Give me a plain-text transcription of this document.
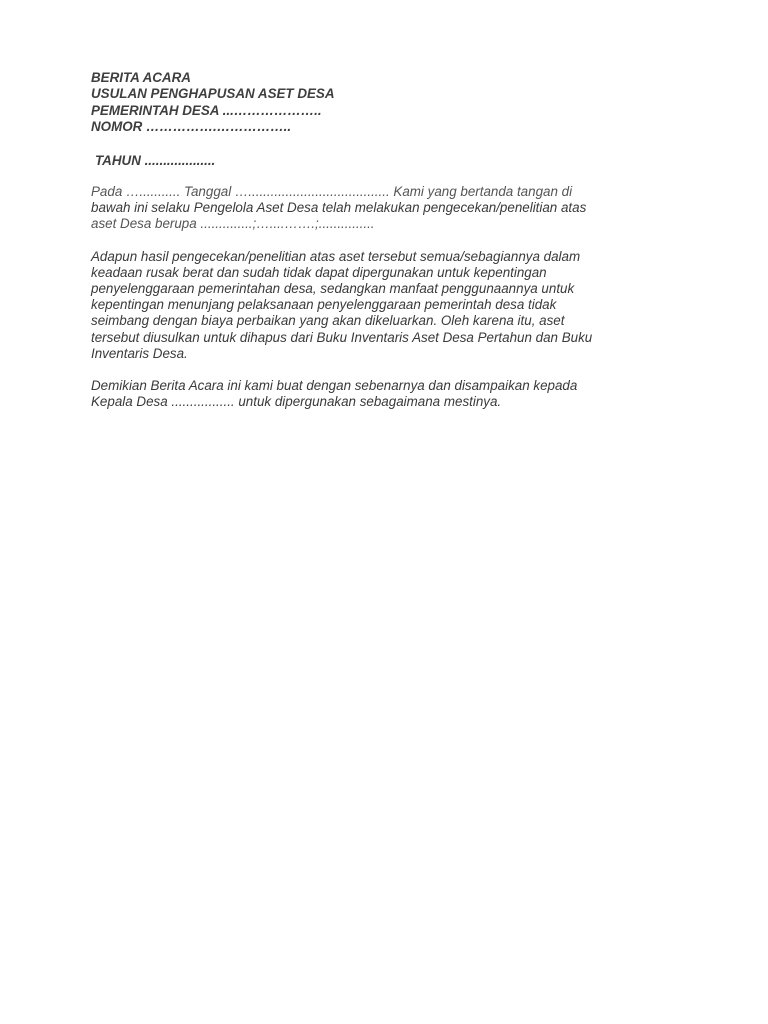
BERITA ACARA
USULAN PENGHAPUSAN ASET DESA
PEMERINTAH DESA ...………………..
NOMOR …………….……………..
TAHUN ...................
Pada …........... Tanggal …...................................... Kami yang bertanda tangan di
bawah ini selaku Pengelola Aset Desa telah melakukan pengecekan/penelitian atas
aset Desa berupa ..............;…....…….;...............
Adapun hasil pengecekan/penelitian atas aset tersebut semua/sebagiannya dalam
keadaan rusak berat dan sudah tidak dapat dipergunakan untuk kepentingan
penyelenggaraan pemerintahan desa, sedangkan manfaat penggunaannya untuk
kepentingan menunjang pelaksanaan penyelenggaraan pemerintah desa tidak
seimbang dengan biaya perbaikan yang akan dikeluarkan. Oleh karena itu, aset
tersebut diusulkan untuk dihapus dari Buku Inventaris Aset Desa Pertahun dan Buku
Inventaris Desa.
Demikian Berita Acara ini kami buat dengan sebenarnya dan disampaikan kepada
Kepala Desa ................. untuk dipergunakan sebagaimana mestinya.
